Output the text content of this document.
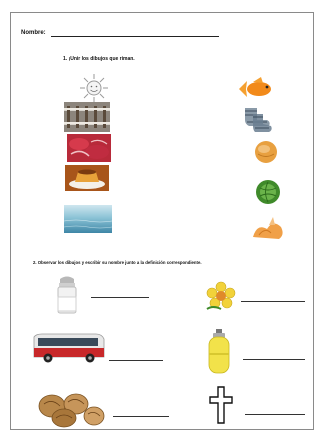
Nombre:
1. ¡Unir los dibujos que riman.
2. Observar los dibujos y escribir su nombre junto a la definición correspondiente.
